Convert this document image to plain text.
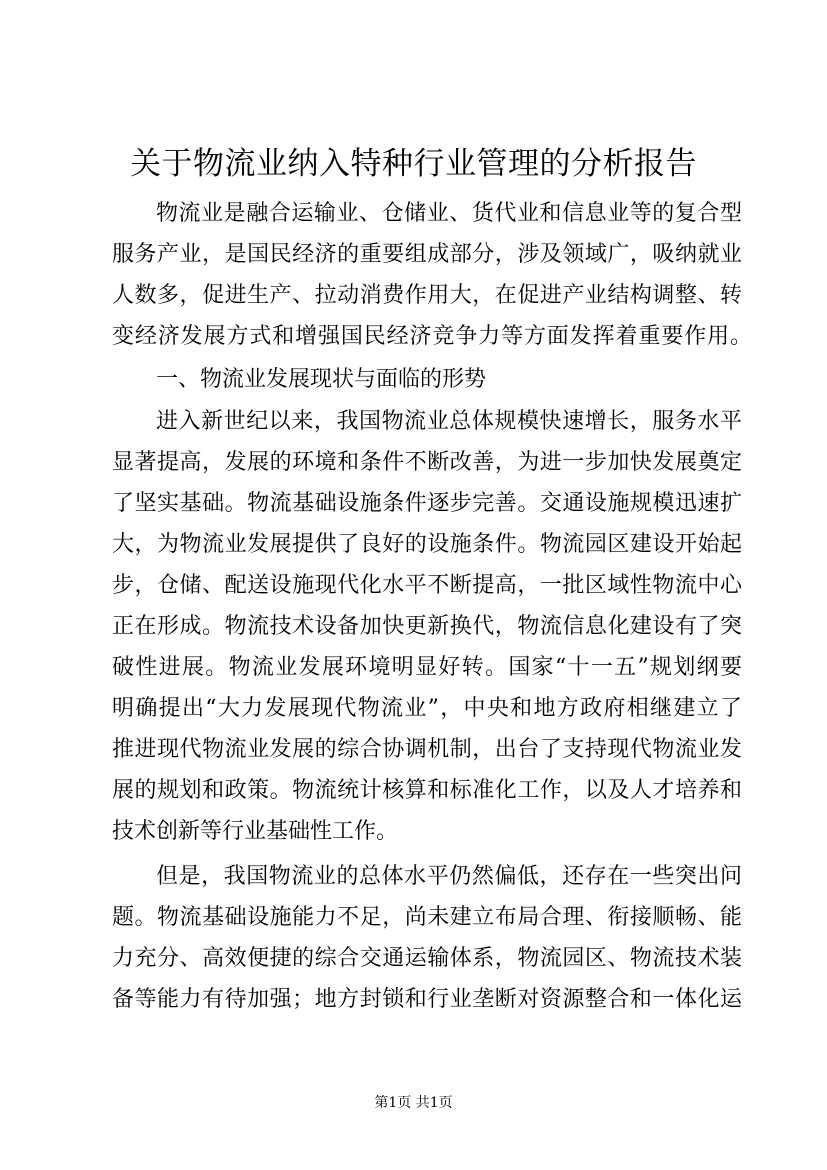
关于物流业纳入特种行业管理的分析报告

物流业是融合运输业、仓储业、货代业和信息业等的复合型

服务产业，是国民经济的重要组成部分，涉及领域广，吸纳就业

人数多，促进生产、拉动消费作用大，在促进产业结构调整、转

变经济发展方式和增强国民经济竞争力等方面发挥着重要作用。

一、物流业发展现状与面临的形势

进入新世纪以来，我国物流业总体规模快速增长，服务水平

显著提高，发展的环境和条件不断改善，为进一步加快发展奠定

了坚实基础。物流基础设施条件逐步完善。交通设施规模迅速扩

大，为物流业发展提供了良好的设施条件。物流园区建设开始起

步，仓储、配送设施现代化水平不断提高，一批区域性物流中心

正在形成。物流技术设备加快更新换代，物流信息化建设有了突

破性进展。物流业发展环境明显好转。国家“十一五”规划纲要

明确提出“大力发展现代物流业”，中央和地方政府相继建立了

推进现代物流业发展的综合协调机制，出台了支持现代物流业发

展的规划和政策。物流统计核算和标准化工作，以及人才培养和

技术创新等行业基础性工作。

但是，我国物流业的总体水平仍然偏低，还存在一些突出问

题。物流基础设施能力不足，尚未建立布局合理、衔接顺畅、能

力充分、高效便捷的综合交通运输体系，物流园区、物流技术装

备等能力有待加强；地方封锁和行业垄断对资源整合和一体化运

第1页 共1页
